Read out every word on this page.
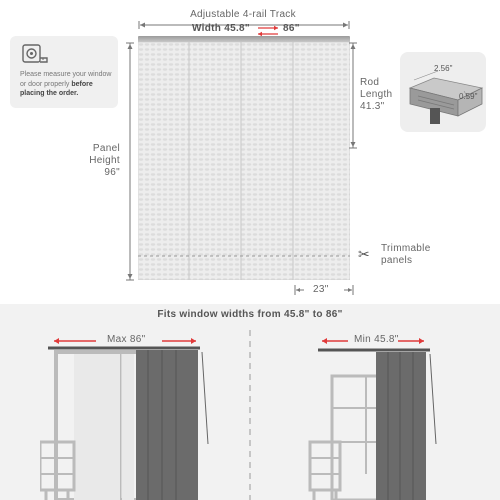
Please measure your window or door properly before placing the order.
Adjustable 4-rail Track
Width 45.8"	86"
Panel
Height
96"
Rod
Length
41.3"
2.56"
0.59"
✂ Trimmable
panels
23"
Fits window widths from 45.8" to 86"
Max 86"	Min 45.8"
